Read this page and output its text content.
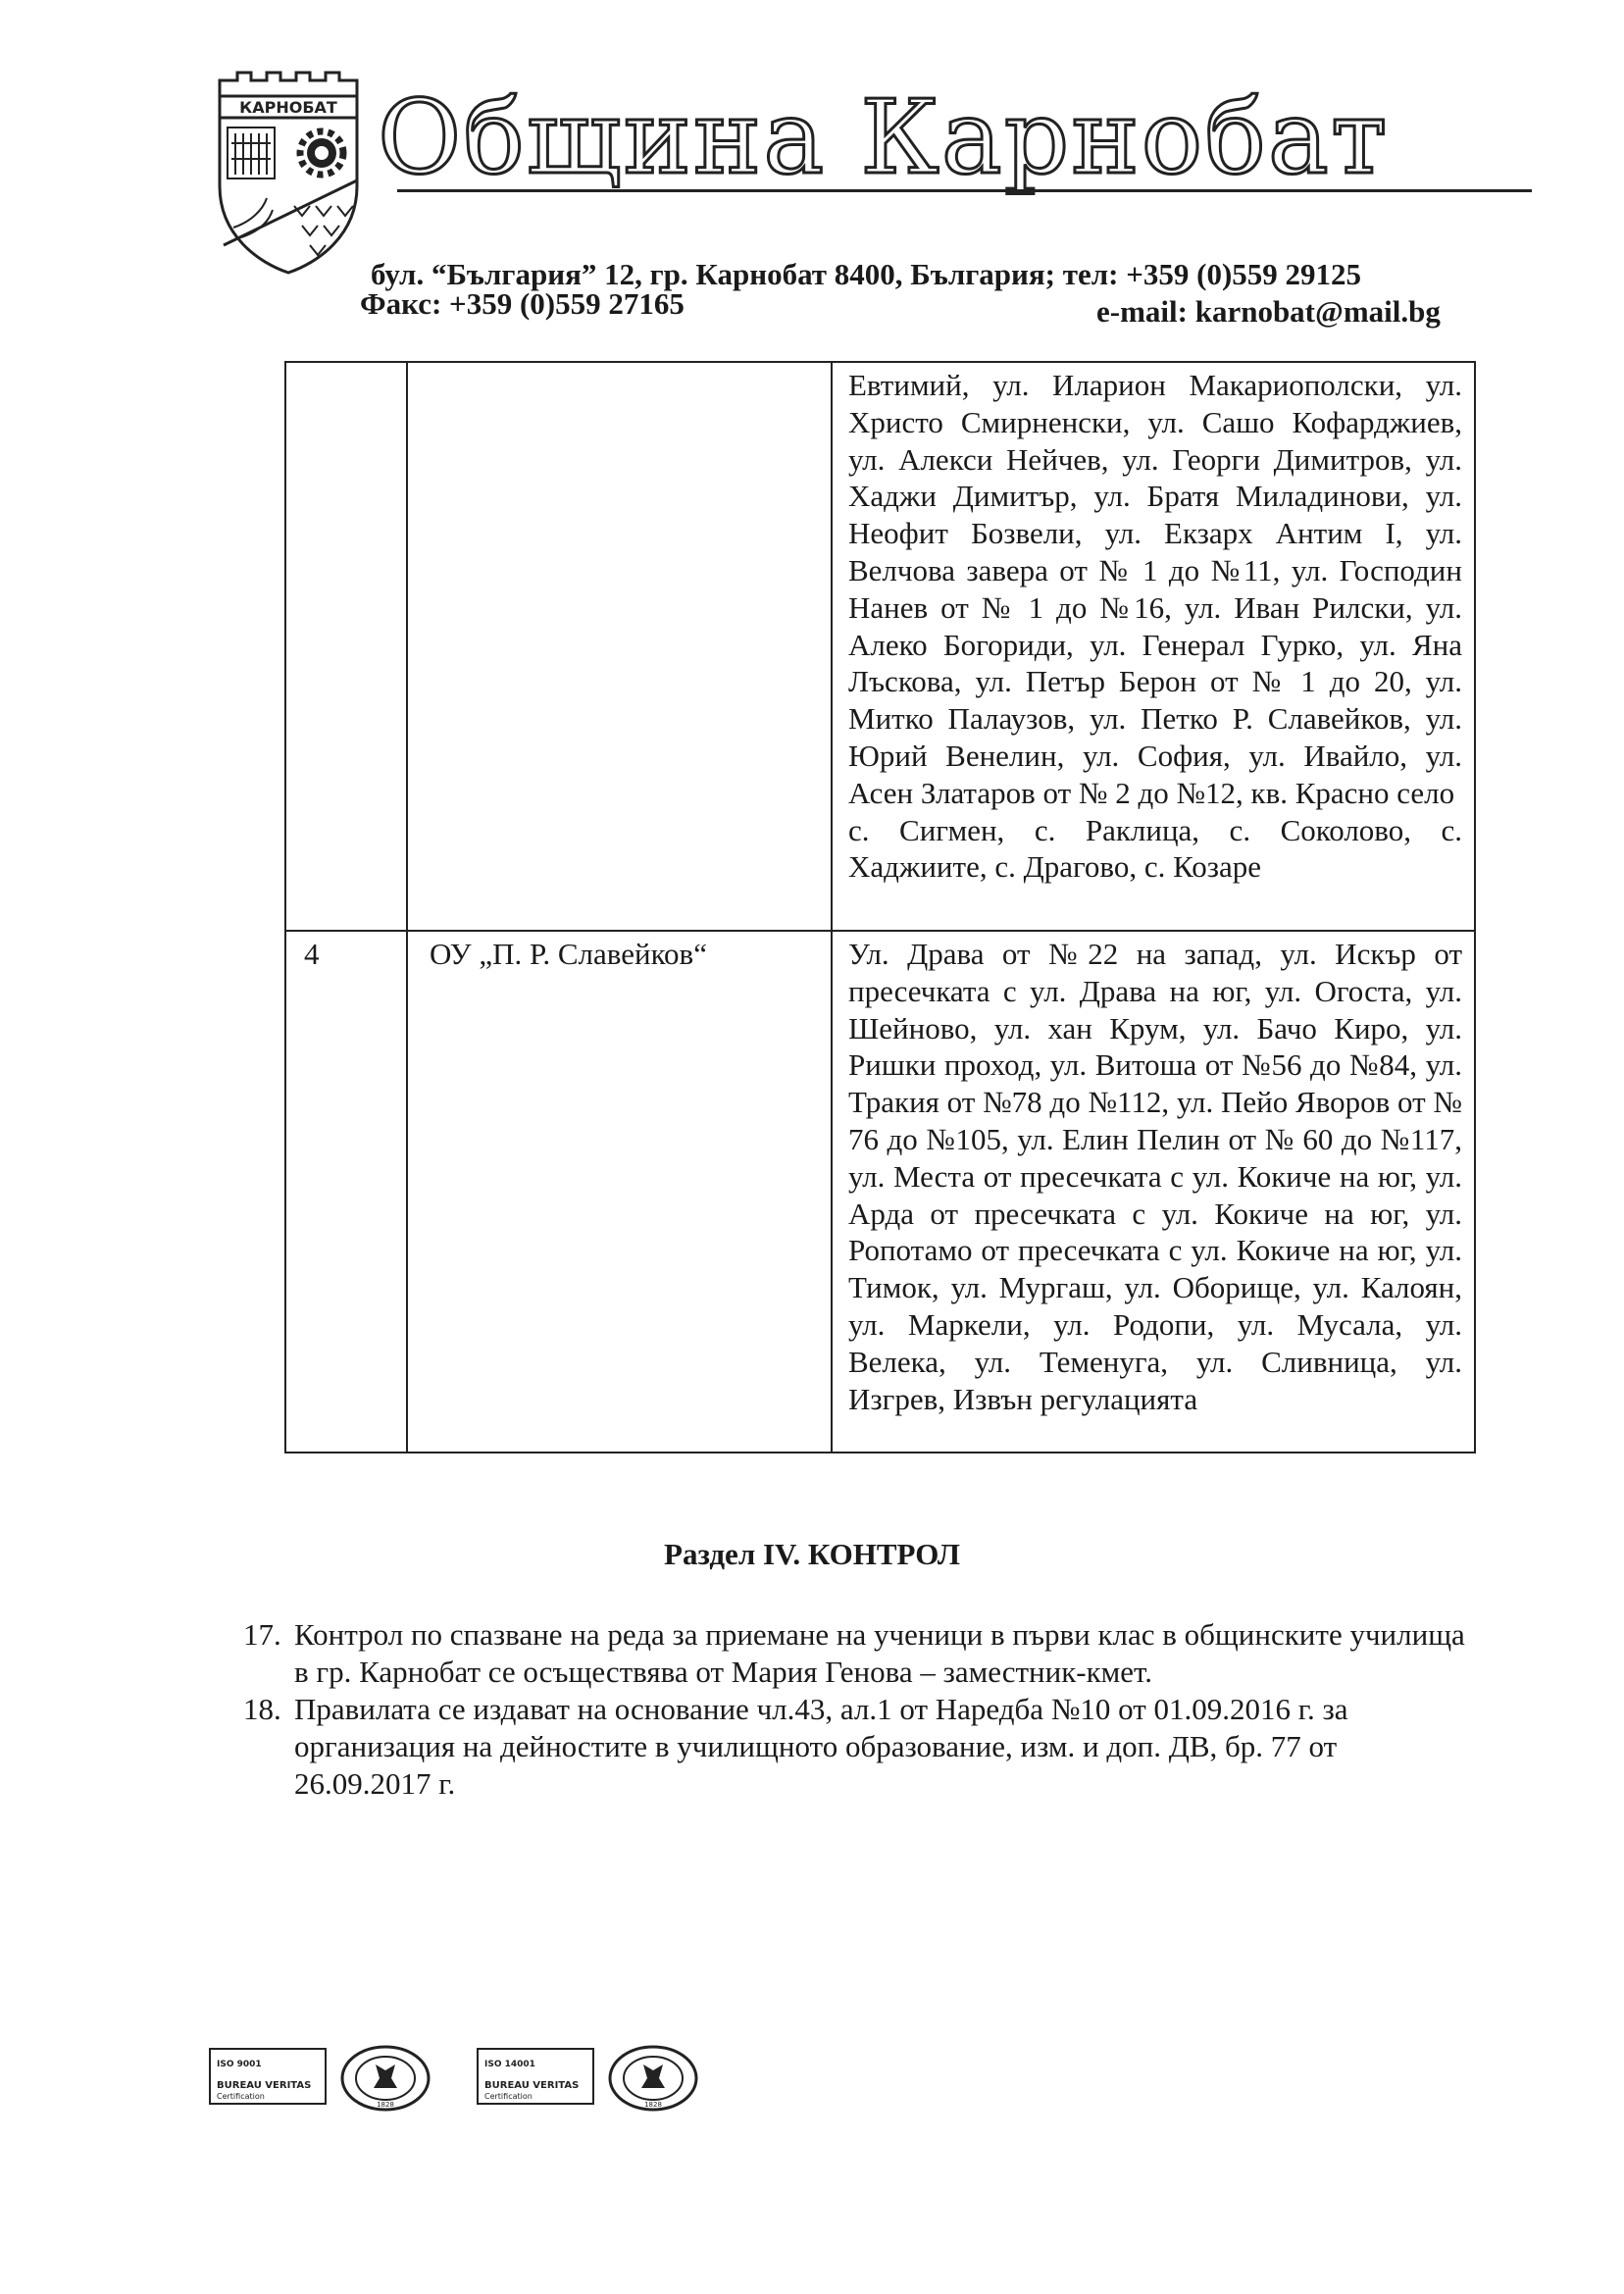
КАРНОБАТ Община Карнобат
бул. “България” 12, гр. Карнобат 8400, България; тел: +359 (0)559 29125
Факс: +359 (0)559 27165	e-mail: karnobat@mail.bg

		Евтимий, ул. Иларион Макариополски, ул. Христо Смирненски, ул. Сашо Кофарджиев, ул. Алекси Нейчев, ул. Георги Димитров, ул. Хаджи Димитър, ул. Братя Миладинови, ул. Неофит Бозвели, ул. Екзарх Антим I, ул. Велчова завера от № 1 до №11, ул. Господин Нанев от № 1 до №16, ул. Иван Рилски, ул. Алеко Богориди, ул. Генерал Гурко, ул. Яна Лъскова, ул. Петър Берон от № 1 до 20, ул. Митко Палаузов, ул. Петко Р. Славейков, ул. Юрий Венелин, ул. София, ул. Ивайло, ул. Асен Златаров от № 2 до №12, кв. Красно село

с. Сигмен, с. Раклица, с. Соколово, с. Хаджиите, с. Драгово, с. Козаре

4	ОУ „П. Р. Славейков“	Ул. Драва от №22 на запад, ул. Искър от пресечката с ул. Драва на юг, ул. Огоста, ул. Шейново, ул. хан Крум, ул. Бачо Киро, ул. Ришки проход, ул. Витоша от №56 до №84, ул. Тракия от №78 до №112, ул. Пейо Яворов от № 76 до №105, ул. Елин Пелин от № 60 до №117, ул. Места от пресечката с ул. Кокиче на юг, ул. Арда от пресечката с ул. Кокиче на юг, ул. Ропотамо от пресечката с ул. Кокиче на юг, ул. Тимок, ул. Мургаш, ул. Оборище, ул. Калоян, ул. Маркели, ул. Родопи, ул. Мусала, ул. Велека, ул. Теменуга, ул. Сливница, ул. Изгрев, Извън регулацията

Раздел IV. КОНТРОЛ
17. Контрол по спазване на реда за приемане на ученици в първи клас в общинските училища в гр. Карнобат се осъществява от Мария Генова – заместник-кмет.
18. Правилата се издават на основание чл.43, ал.1 от Наредба №10 от 01.09.2016 г. за организация на дейностите в училищното образование, изм. и доп. ДВ, бр. 77 от 26.09.2017 г.
ISO 9001
BUREAU VERITAS
Certification
1828
ISO 14001
BUREAU VERITAS
Certification
1828
